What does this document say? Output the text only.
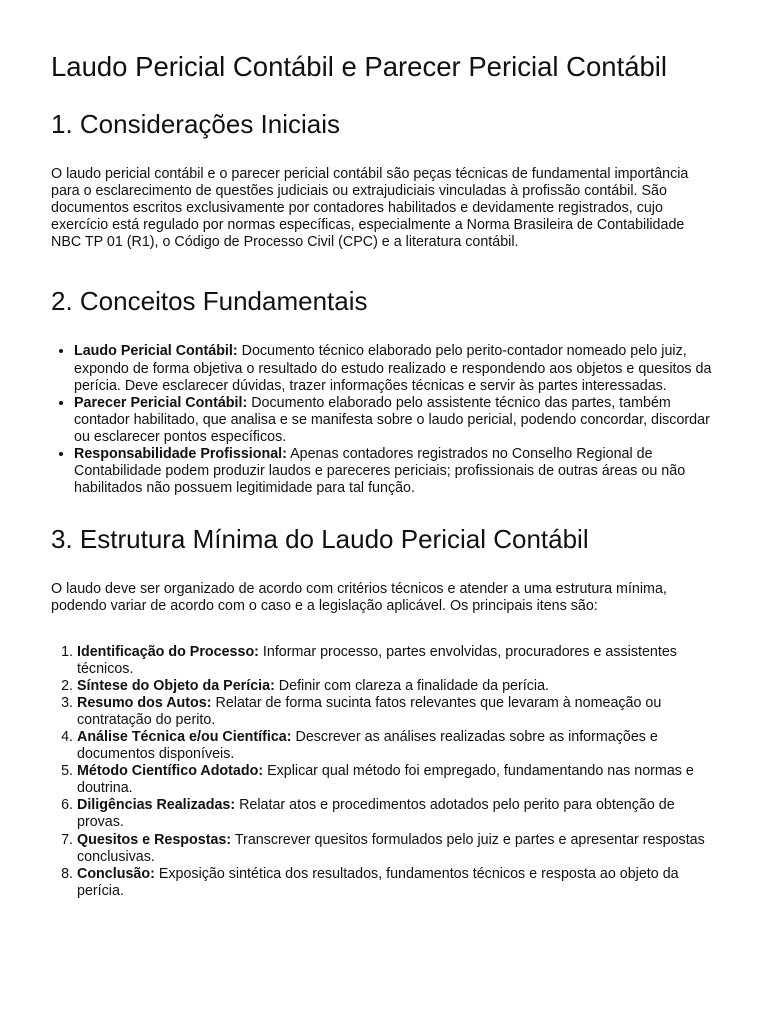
Laudo Pericial Contábil e Parecer Pericial Contábil
1. Considerações Iniciais

O laudo pericial contábil e o parecer pericial contábil são peças técnicas de fundamental importância para o esclarecimento de questões judiciais ou extrajudiciais vinculadas à profissão contábil. São documentos escritos exclusivamente por contadores habilitados e devidamente registrados, cujo exercício está regulado por normas específicas, especialmente a Norma Brasileira de Contabilidade NBC TP 01 (R1), o Código de Processo Civil (CPC) e a literatura contábil.

2. Conceitos Fundamentais
• Laudo Pericial Contábil: Documento técnico elaborado pelo perito-contador nomeado pelo juiz, expondo de forma objetiva o resultado do estudo realizado e respondendo aos objetos e quesitos da perícia. Deve esclarecer dúvidas, trazer informações técnicas e servir às partes interessadas.
• Parecer Pericial Contábil: Documento elaborado pelo assistente técnico das partes, também contador habilitado, que analisa e se manifesta sobre o laudo pericial, podendo concordar, discordar ou esclarecer pontos específicos.
• Responsabilidade Profissional: Apenas contadores registrados no Conselho Regional de Contabilidade podem produzir laudos e pareceres periciais; profissionais de outras áreas ou não habilitados não possuem legitimidade para tal função.
3. Estrutura Mínima do Laudo Pericial Contábil

O laudo deve ser organizado de acordo com critérios técnicos e atender a uma estrutura mínima, podendo variar de acordo com o caso e a legislação aplicável. Os principais itens são:

1. Identificação do Processo: Informar processo, partes envolvidas, procuradores e assistentes técnicos.
2. Síntese do Objeto da Perícia: Definir com clareza a finalidade da perícia.
3. Resumo dos Autos: Relatar de forma sucinta fatos relevantes que levaram à nomeação ou contratação do perito.
4. Análise Técnica e/ou Científica: Descrever as análises realizadas sobre as informações e documentos disponíveis.
5. Método Científico Adotado: Explicar qual método foi empregado, fundamentando nas normas e doutrina.
6. Diligências Realizadas: Relatar atos e procedimentos adotados pelo perito para obtenção de provas.
7. Quesitos e Respostas: Transcrever quesitos formulados pelo juiz e partes e apresentar respostas conclusivas.
8. Conclusão: Exposição sintética dos resultados, fundamentos técnicos e resposta ao objeto da perícia.
